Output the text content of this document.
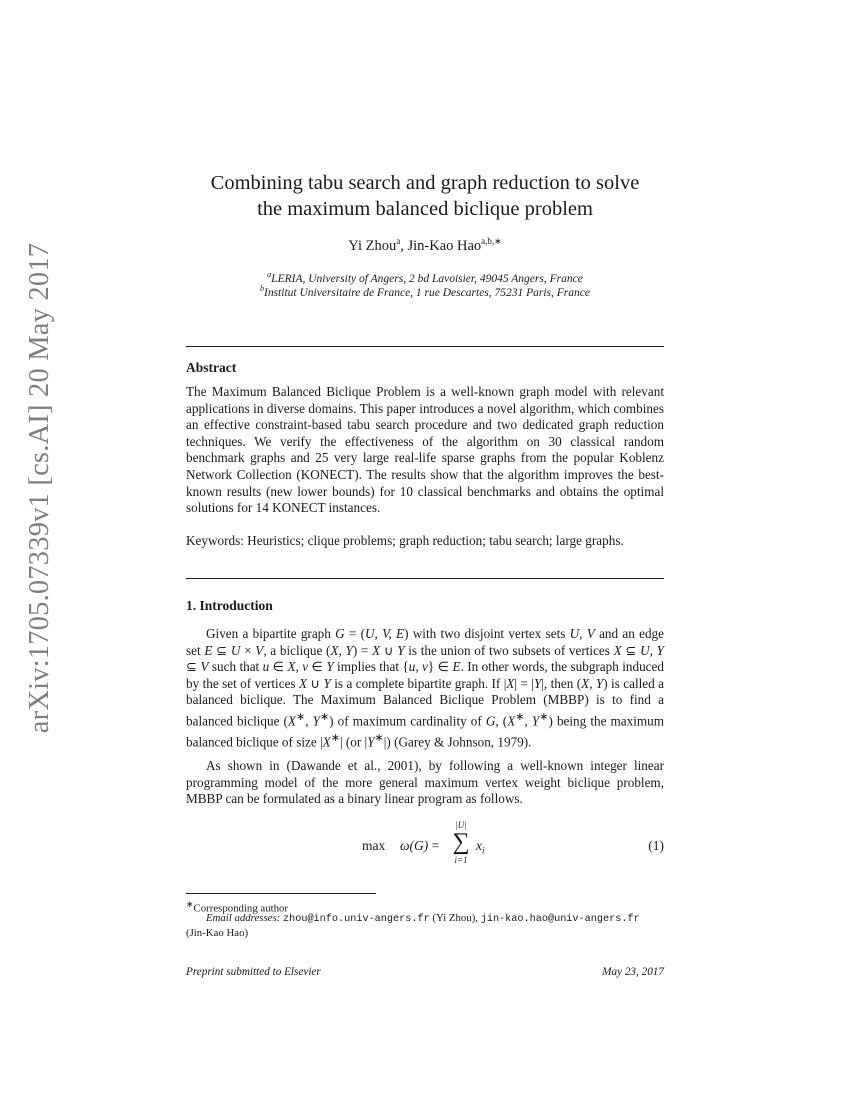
arXiv:1705.07339v1 [cs.AI] 20 May 2017
Combining tabu search and graph reduction to solve
the maximum balanced biclique problem
Yi Zhou$^a$, Jin-Kao Hao$^{a,b,∗}$
$^a$LERIA, University of Angers, 2 bd Lavoisier, 49045 Angers, France
$^b$Institut Universitaire de France, 1 rue Descartes, 75231 Paris, France
Abstract

The Maximum Balanced Biclique Problem is a well-known graph model with relevant applications in diverse domains. This paper introduces a novel algorithm, which combines an effective constraint-based tabu search procedure and two dedicated graph reduction techniques. We verify the effectiveness of the algorithm on 30 classical random benchmark graphs and 25 very large real-life sparse graphs from the popular Koblenz Network Collection (KONECT). The results show that the algorithm improves the best-known results (new lower bounds) for 10 classical benchmarks and obtains the optimal solutions for 14 KONECT instances.

Keywords: Heuristics; clique problems; graph reduction; tabu search; large graphs.

1. Introduction

Given a bipartite graph G = (U, V, E) with two disjoint vertex sets U, V and an edge set E ⊆ U × V, a biclique (X, Y) = X ∪ Y is the union of two subsets of vertices X ⊆ U, Y ⊆ V such that u ∈ X, v ∈ Y implies that {u, v} ∈ E. In other words, the subgraph induced by the set of vertices X ∪ Y is a complete bipartite graph. If |X| = |Y|, then (X, Y) is called a balanced biclique. The Maximum Balanced Biclique Problem (MBBP) is to find a balanced biclique (X∗, Y∗) of maximum cardinality of G, (X∗, Y∗) being the maximum balanced biclique of size |X∗| (or |Y∗|) (Garey & Johnson, 1979).

As shown in (Dawande et al., 2001), by following a well-known integer linear programming model of the more general maximum vertex weight biclique problem, MBBP can be formulated as a binary linear program as follows.

max ω(G) =
|U|
∑
i=1
$x_i$	(1)
∗Corresponding author
Email addresses: zhou@info.univ-angers.fr (Yi Zhou), jin-kao.hao@univ-angers.fr
(Jin-Kao Hao)
Preprint submitted to Elsevier	May 23, 2017
